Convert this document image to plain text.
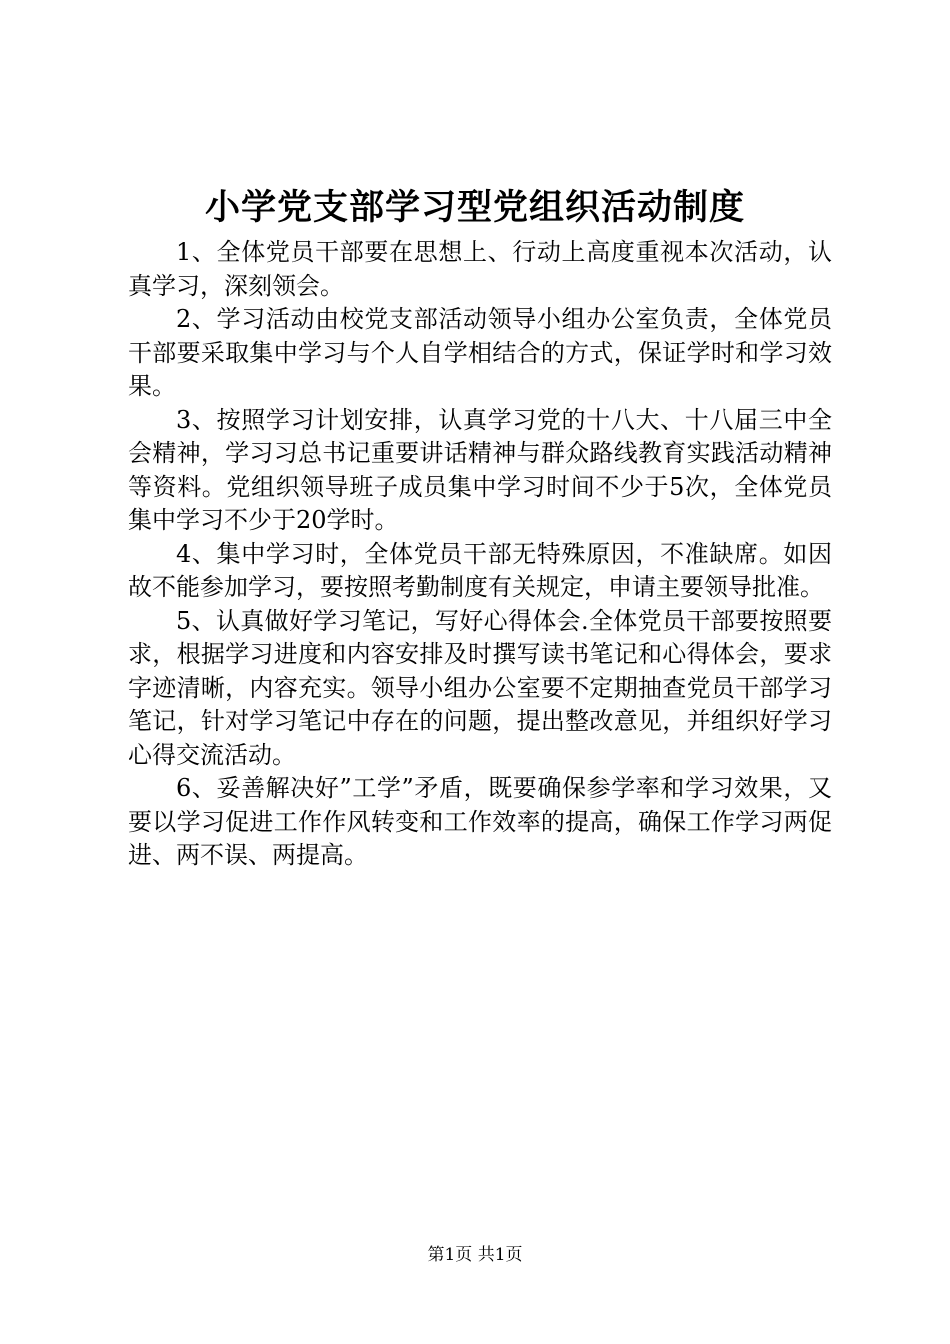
小学党支部学习型党组织活动制度

1、全体党员干部要在思想上、行动上高度重视本次活动，认真学习，深刻领会。

2、学习活动由校党支部活动领导小组办公室负责，全体党员干部要采取集中学习与个人自学相结合的方式，保证学时和学习效果。

3、按照学习计划安排，认真学习党的十八大、十八届三中全会精神，学习习总书记重要讲话精神与群众路线教育实践活动精神等资料。党组织领导班子成员集中学习时间不少于5次，全体党员集中学习不少于20学时。

4、集中学习时，全体党员干部无特殊原因，不准缺席。如因故不能参加学习，要按照考勤制度有关规定，申请主要领导批准。

5、认真做好学习笔记，写好心得体会.全体党员干部要按照要求，根据学习进度和内容安排及时撰写读书笔记和心得体会，要求字迹清晰，内容充实。领导小组办公室要不定期抽查党员干部学习笔记，针对学习笔记中存在的问题，提出整改意见，并组织好学习心得交流活动。

6、妥善解决好”工学”矛盾，既要确保参学率和学习效果，又要以学习促进工作作风转变和工作效率的提高，确保工作学习两促进、两不误、两提高。

第1页 共1页
